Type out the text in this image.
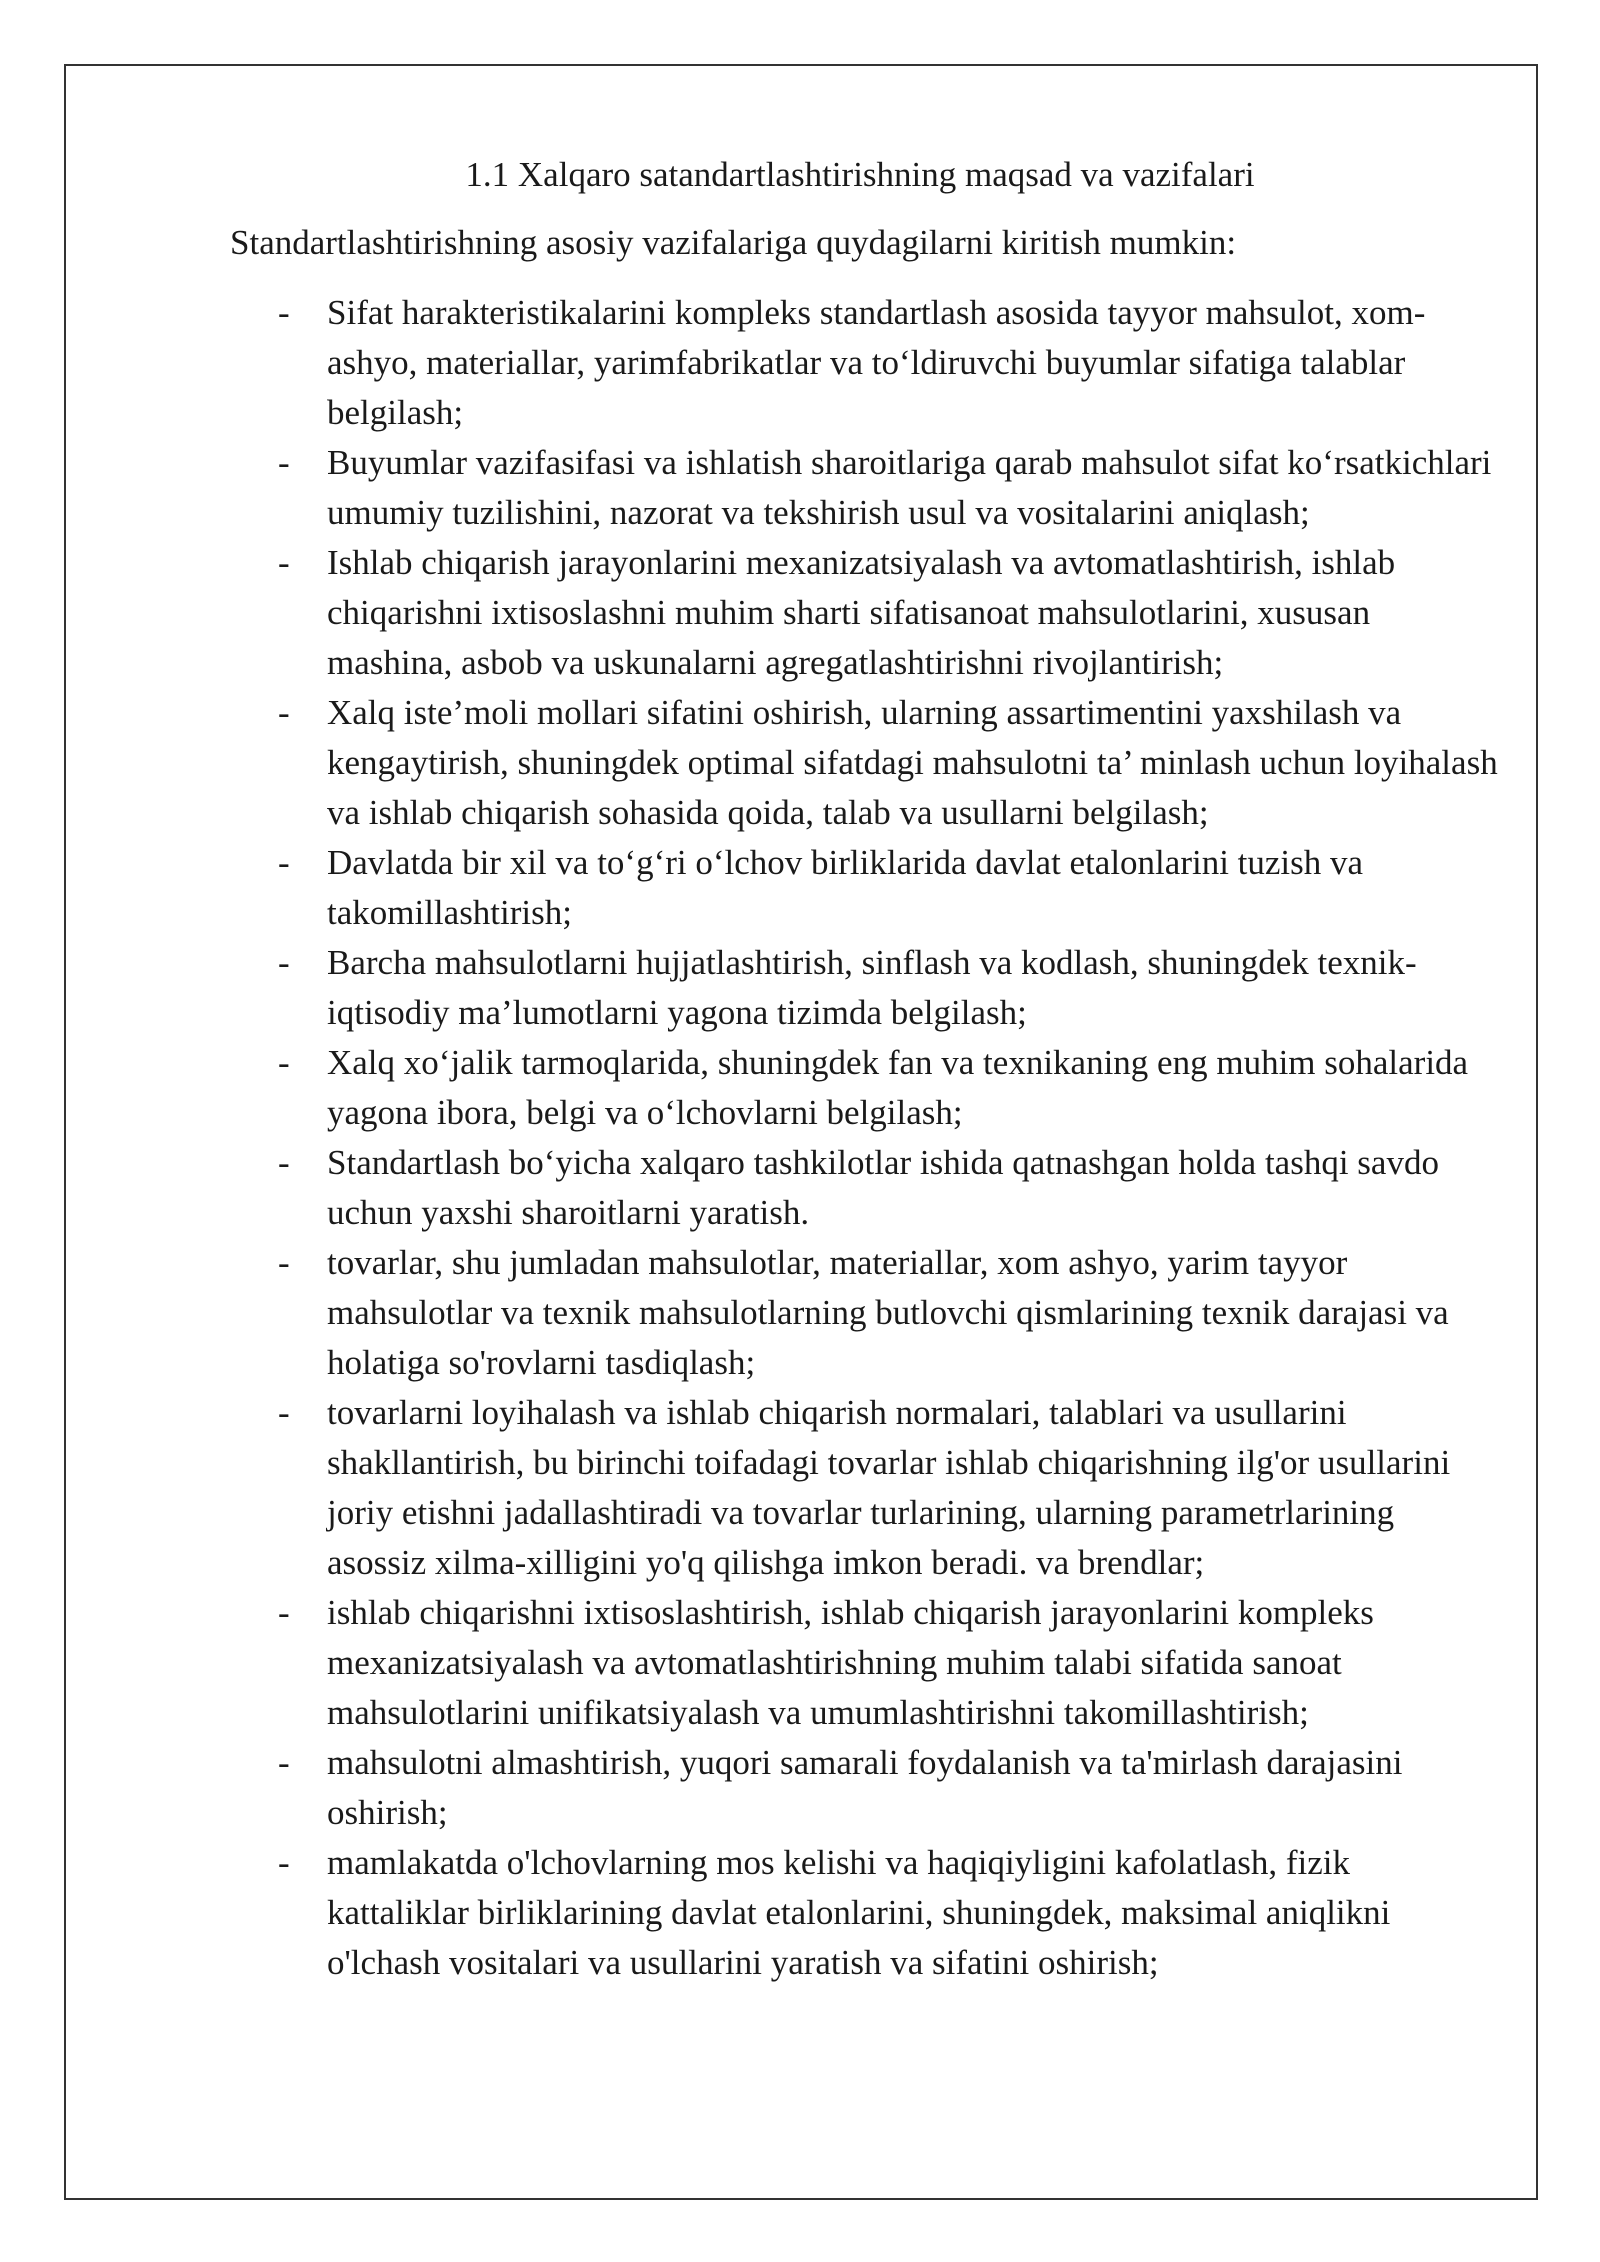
1.1 Xalqaro satandartlashtirishning maqsad va vazifalari
Standartlashtirishning asosiy vazifalariga quydagilarni kiritish mumkin:
- Sifat harakteristikalarini kompleks standartlash asosida tayyor mahsulot, xom-ashyo, materiallar, yarimfabrikatlar va to‘ldiruvchi buyumlar sifatiga talablar belgilash;
- Buyumlar vazifasifasi va ishlatish sharoitlariga qarab mahsulot sifat ko‘rsatkichlari umumiy tuzilishini, nazorat va tekshirish usul va vositalarini aniqlash;
- Ishlab chiqarish jarayonlarini mexanizatsiyalash va avtomatlashtirish, ishlab chiqarishni ixtisoslashni muhim sharti sifatisanoat mahsulotlarini, xususan mashina, asbob va uskunalarni agregatlashtirishni rivojlantirish;
- Xalq iste’moli mollari sifatini oshirish, ularning assartimentini yaxshilash va kengaytirish, shuningdek optimal sifatdagi mahsulotni ta’ minlash uchun loyihalash va ishlab chiqarish sohasida qoida, talab va usullarni belgilash;
- Davlatda bir xil va to‘g‘ri o‘lchov birliklarida davlat etalonlarini tuzish va takomillashtirish;
- Barcha mahsulotlarni hujjatlashtirish, sinflash va kodlash, shuningdek texnik- iqtisodiy ma’lumotlarni yagona tizimda belgilash;
- Xalq xo‘jalik tarmoqlarida, shuningdek fan va texnikaning eng muhim sohalarida yagona ibora, belgi va o‘lchovlarni belgilash;
- Standartlash bo‘yicha xalqaro tashkilotlar ishida qatnashgan holda tashqi savdo uchun yaxshi sharoitlarni yaratish.
- tovarlar, shu jumladan mahsulotlar, materiallar, xom ashyo, yarim tayyor mahsulotlar va texnik mahsulotlarning butlovchi qismlarining texnik darajasi va holatiga so'rovlarni tasdiqlash;
- tovarlarni loyihalash va ishlab chiqarish normalari, talablari va usullarini shakllantirish, bu birinchi toifadagi tovarlar ishlab chiqarishning ilg'or usullarini joriy etishni jadallashtiradi va tovarlar turlarining, ularning parametrlarining asossiz xilma-xilligini yo'q qilishga imkon beradi. va brendlar;
- ishlab chiqarishni ixtisoslashtirish, ishlab chiqarish jarayonlarini kompleks mexanizatsiyalash va avtomatlashtirishning muhim talabi sifatida sanoat mahsulotlarini unifikatsiyalash va umumlashtirishni takomillashtirish;
- mahsulotni almashtirish, yuqori samarali foydalanish va ta'mirlash darajasini oshirish;
- mamlakatda o'lchovlarning mos kelishi va haqiqiyligini kafolatlash, fizik kattaliklar birliklarining davlat etalonlarini, shuningdek, maksimal aniqlikni o'lchash vositalari va usullarini yaratish va sifatini oshirish;
